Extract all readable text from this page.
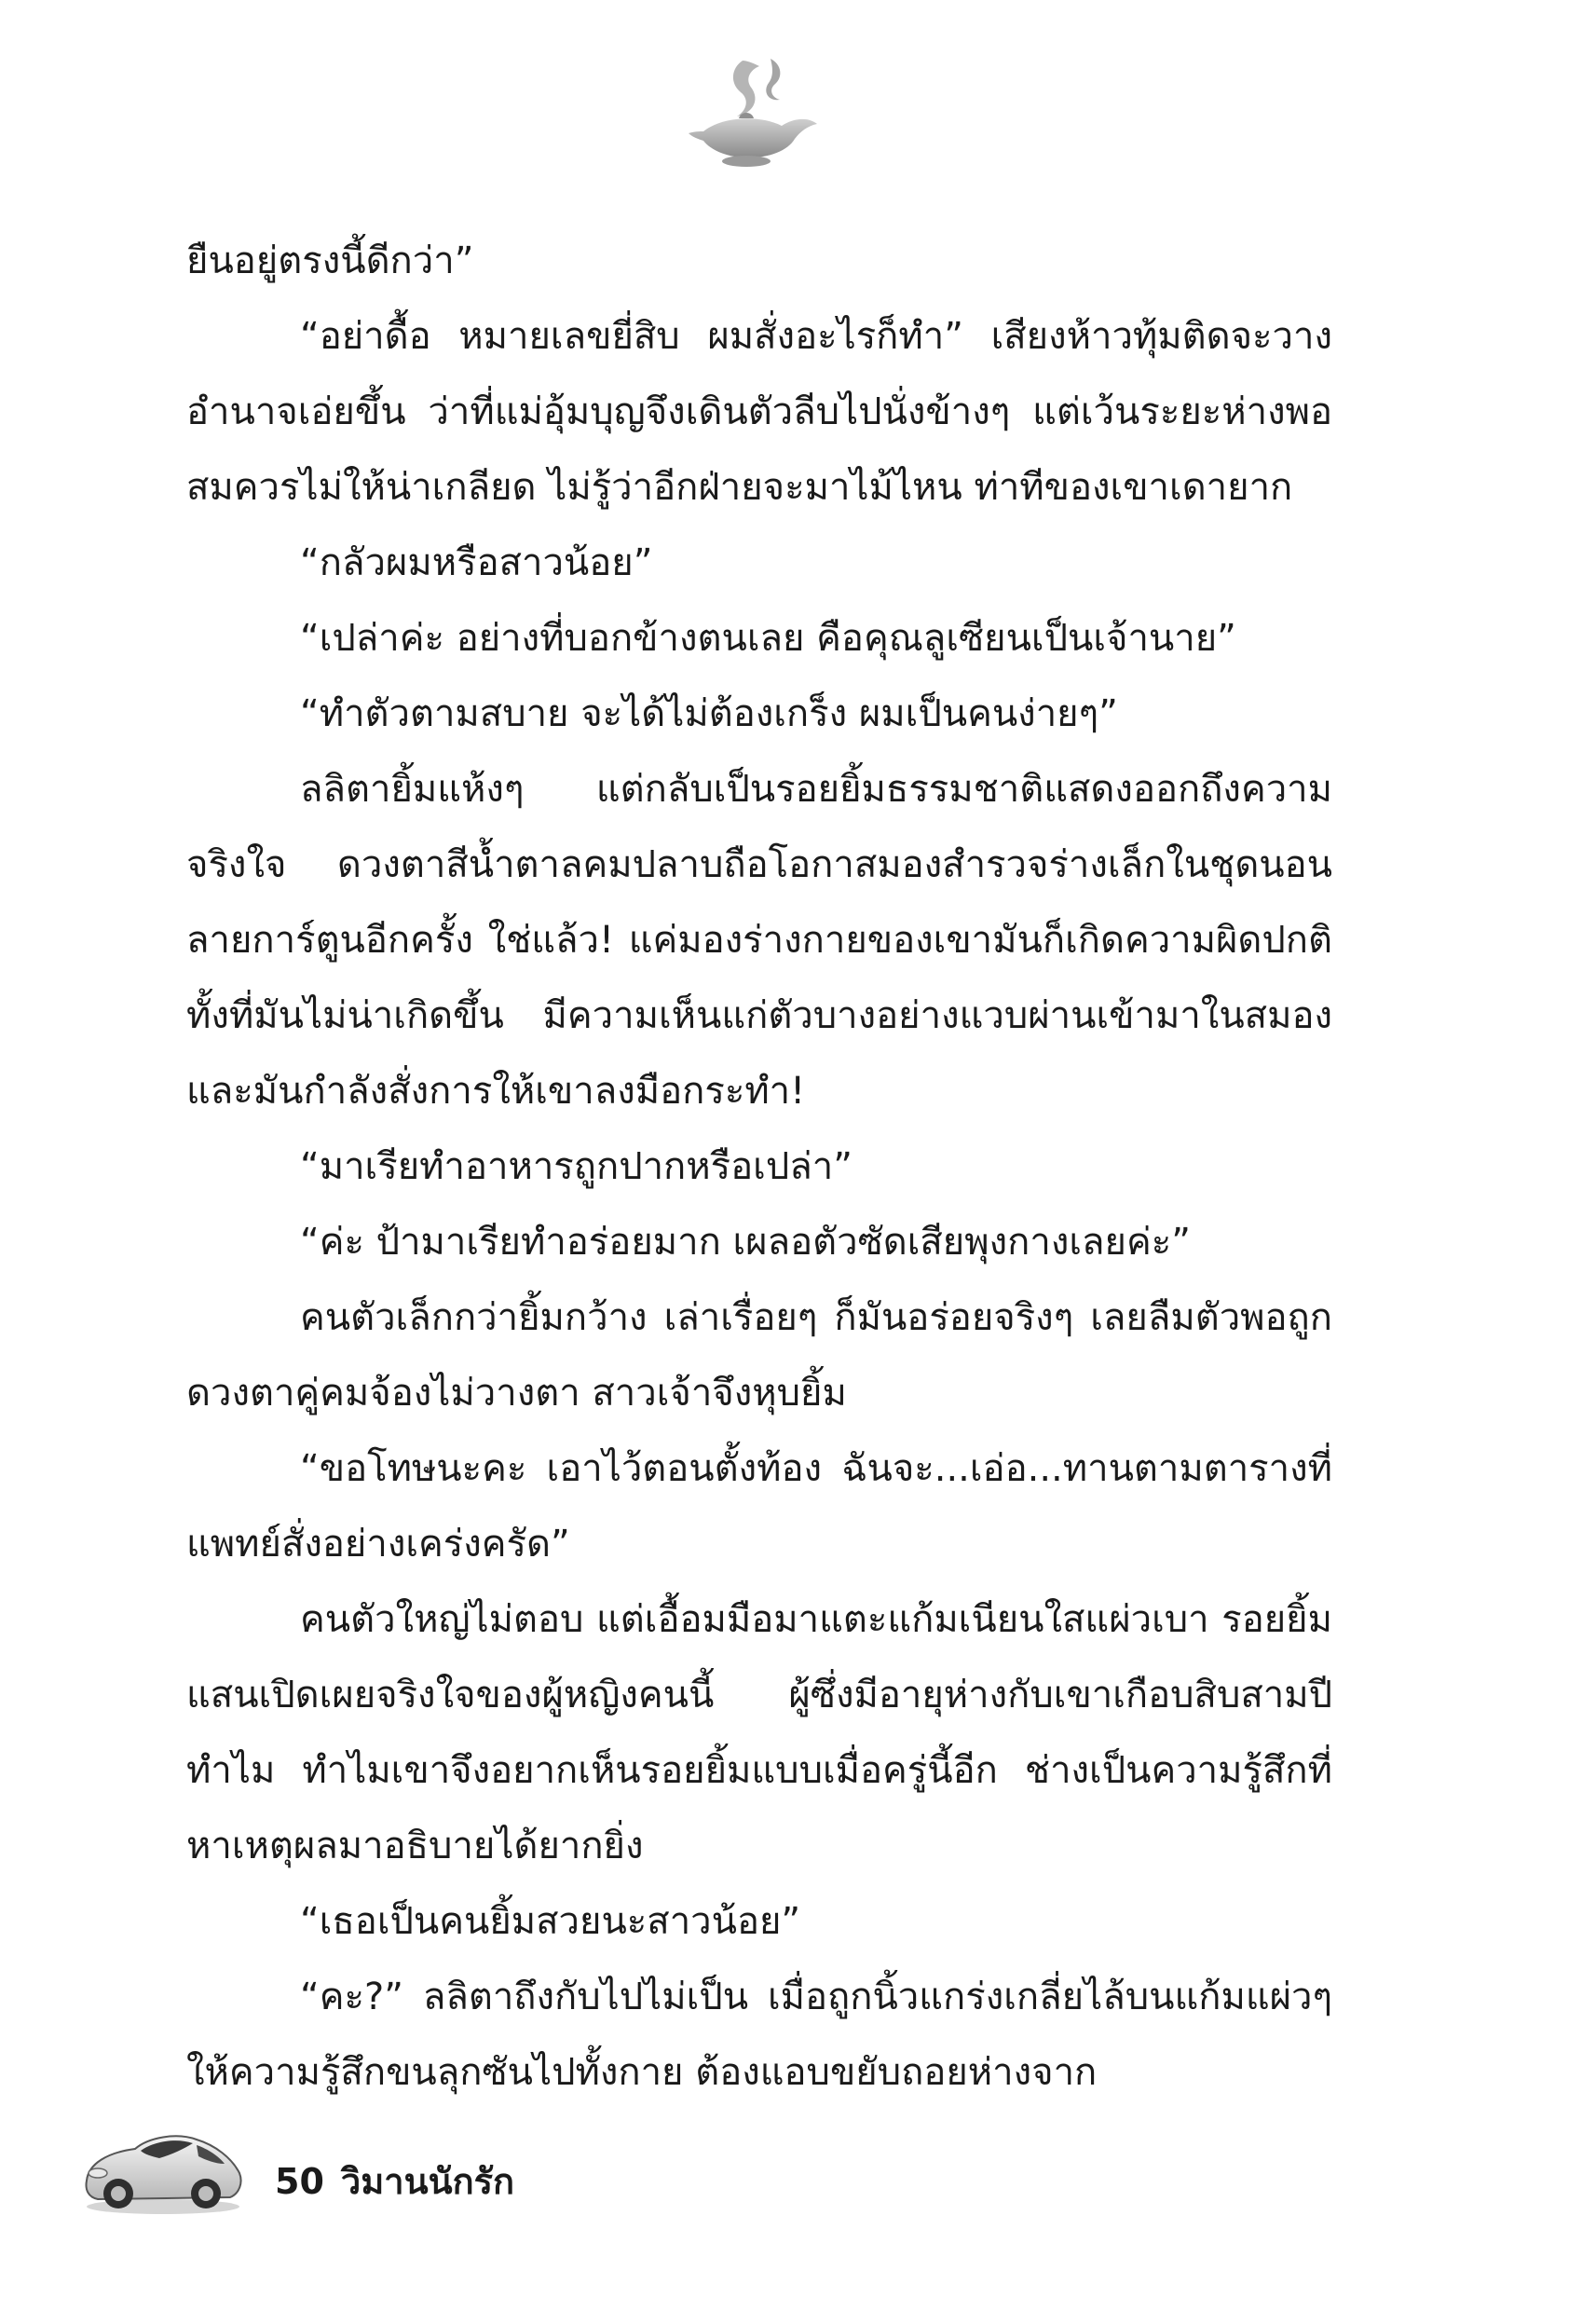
ยืนอยู่ตรงนี้ดีกว่า”

“อย่าดื้อ หมายเลขยี่สิบ ผมสั่งอะไรก็ทำ” เสียงห้าวทุ้มติดจะวางอำนาจเอ่ยขึ้น ว่าที่แม่อุ้มบุญจึงเดินตัวลีบไปนั่งข้างๆ แต่เว้นระยะห่างพอสมควรไม่ให้น่าเกลียด ไม่รู้ว่าอีกฝ่ายจะมาไม้ไหน ท่าทีของเขาเดายาก

“กลัวผมหรือสาวน้อย”

“เปล่าค่ะ อย่างที่บอกข้างตนเลย คือคุณลูเซียนเป็นเจ้านาย”

“ทำตัวตามสบาย จะได้ไม่ต้องเกร็ง ผมเป็นคนง่ายๆ”

ลลิตายิ้มแห้งๆ แต่กลับเป็นรอยยิ้มธรรมชาติแสดงออกถึงความจริงใจ ดวงตาสีน้ำตาลคมปลาบถือโอกาสมองสำรวจร่างเล็กในชุดนอนลายการ์ตูนอีกครั้ง ใช่แล้ว! แค่มองร่างกายของเขามันก็เกิดความผิดปกติ ทั้งที่มันไม่น่าเกิดขึ้น มีความเห็นแก่ตัวบางอย่างแวบผ่านเข้ามาในสมอง และมันกำลังสั่งการให้เขาลงมือกระทำ!

“มาเรียทำอาหารถูกปากหรือเปล่า”

“ค่ะ ป้ามาเรียทำอร่อยมาก เผลอตัวซัดเสียพุงกางเลยค่ะ”

คนตัวเล็กกว่ายิ้มกว้าง เล่าเรื่อยๆ ก็มันอร่อยจริงๆ เลยลืมตัวพอถูกดวงตาคู่คมจ้องไม่วางตา สาวเจ้าจึงหุบยิ้ม

“ขอโทษนะคะ เอาไว้ตอนตั้งท้อง ฉันจะ...เอ่อ...ทานตามตารางที่แพทย์สั่งอย่างเคร่งครัด”

คนตัวใหญ่ไม่ตอบ แต่เอื้อมมือมาแตะแก้มเนียนใสแผ่วเบา รอยยิ้มแสนเปิดเผยจริงใจของผู้หญิงคนนี้ ผู้ซึ่งมีอายุห่างกับเขาเกือบสิบสามปี ทำไม ทำไมเขาจึงอยากเห็นรอยยิ้มแบบเมื่อครู่นี้อีก ช่างเป็นความรู้สึกที่หาเหตุผลมาอธิบายได้ยากยิ่ง

“เธอเป็นคนยิ้มสวยนะสาวน้อย”

“คะ?” ลลิตาถึงกับไปไม่เป็น เมื่อถูกนิ้วแกร่งเกลี่ยไล้บนแก้มแผ่วๆ ให้ความรู้สึกขนลุกซันไปทั้งกาย ต้องแอบขยับถอยห่างจาก

50 วิมานนักรัก
